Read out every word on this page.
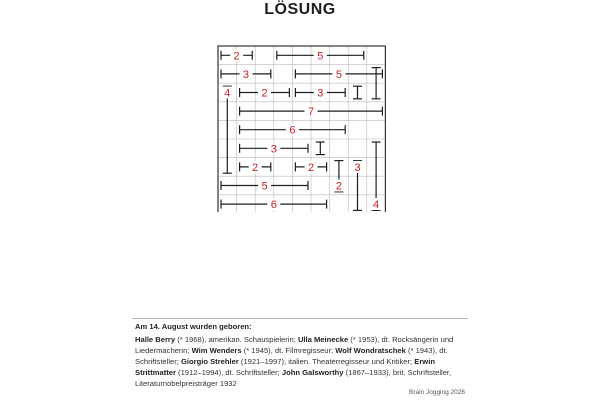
LÖSUNG
2	5
3	5
2	3
7
6
3
2	2
5
6
4
4
2
3
Am 14. August wurden geboren:
Halle Berry (* 1968), amerikan. Schauspielerin; Ulla Meinecke (* 1953), dt. Rocksängerin und Liedermacherin; Wim Wenders (* 1945), dt. Filmregisseur; Wolf Wondratschek (* 1943), dt. Schriftsteller; Giorgio Strehler (1921–1997), italien. Theaterregisseur und Kritiker; Erwin Strittmatter (1912–1994), dt. Schriftsteller; John Galsworthy (1867–1933), brit. Schriftsteller, Literaturnobelpreisträger 1932
Brain Jogging 2026
